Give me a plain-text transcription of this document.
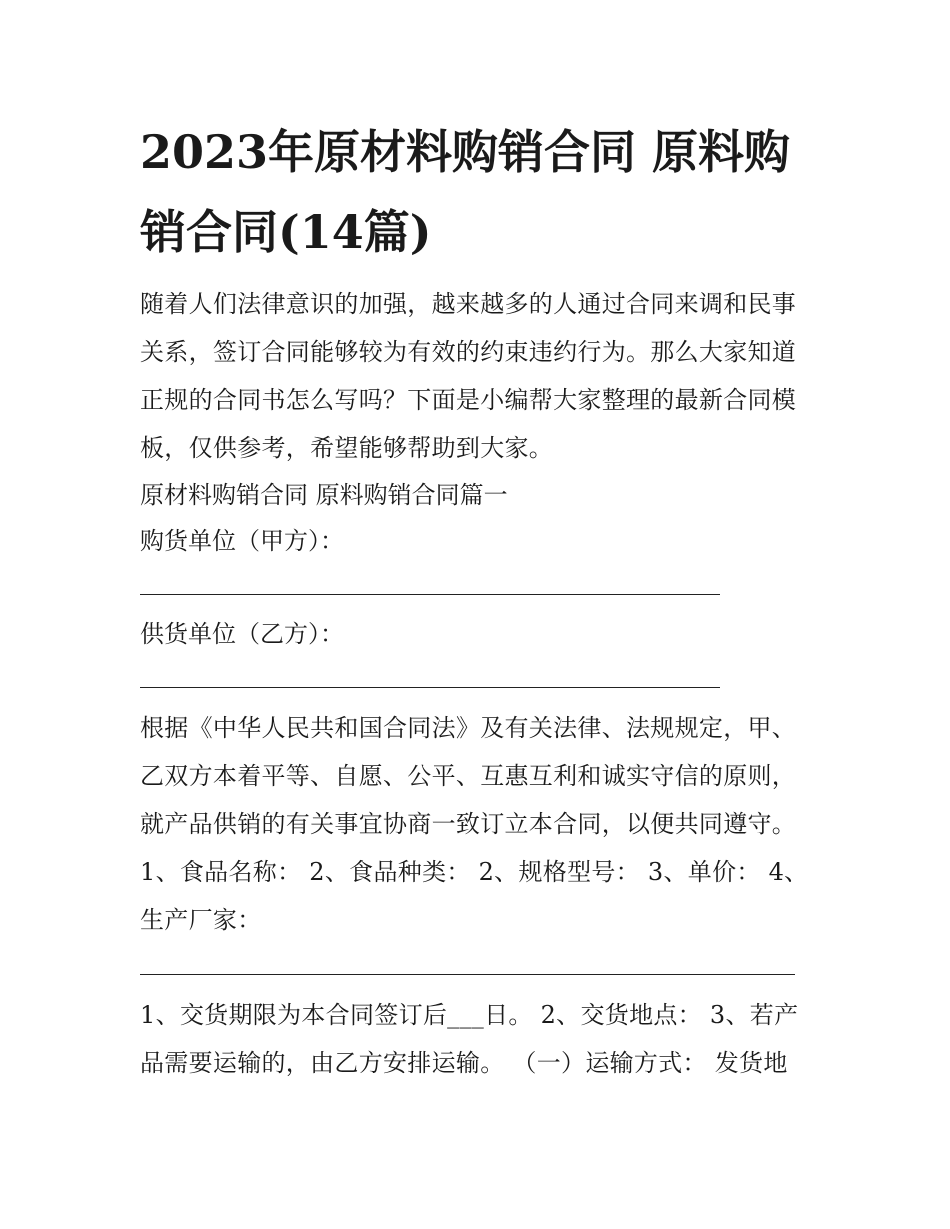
2023年原材料购销合同 原料购销合同(14篇)

随着人们法律意识的加强，越来越多的人通过合同来调和民事关系，签订合同能够较为有效的约束违约行为。那么大家知道正规的合同书怎么写吗？下面是小编帮大家整理的最新合同模板，仅供参考，希望能够帮助到大家。

原材料购销合同 原料购销合同篇一
购货单位（甲方）：
供货单位（乙方）：

根据《中华人民共和国合同法》及有关法律、法规规定，甲、乙双方本着平等、自愿、公平、互惠互利和诚实守信的原则，就产品供销的有关事宜协商一致订立本合同，以便共同遵守。

1、食品名称： 2、食品种类： 2、规格型号： 3、单价： 4、生产厂家：

1、交货期限为本合同签订后___日。 2、交货地点： 3、若产品需要运输的，由乙方安排运输。 （一）运输方式： 发货地
